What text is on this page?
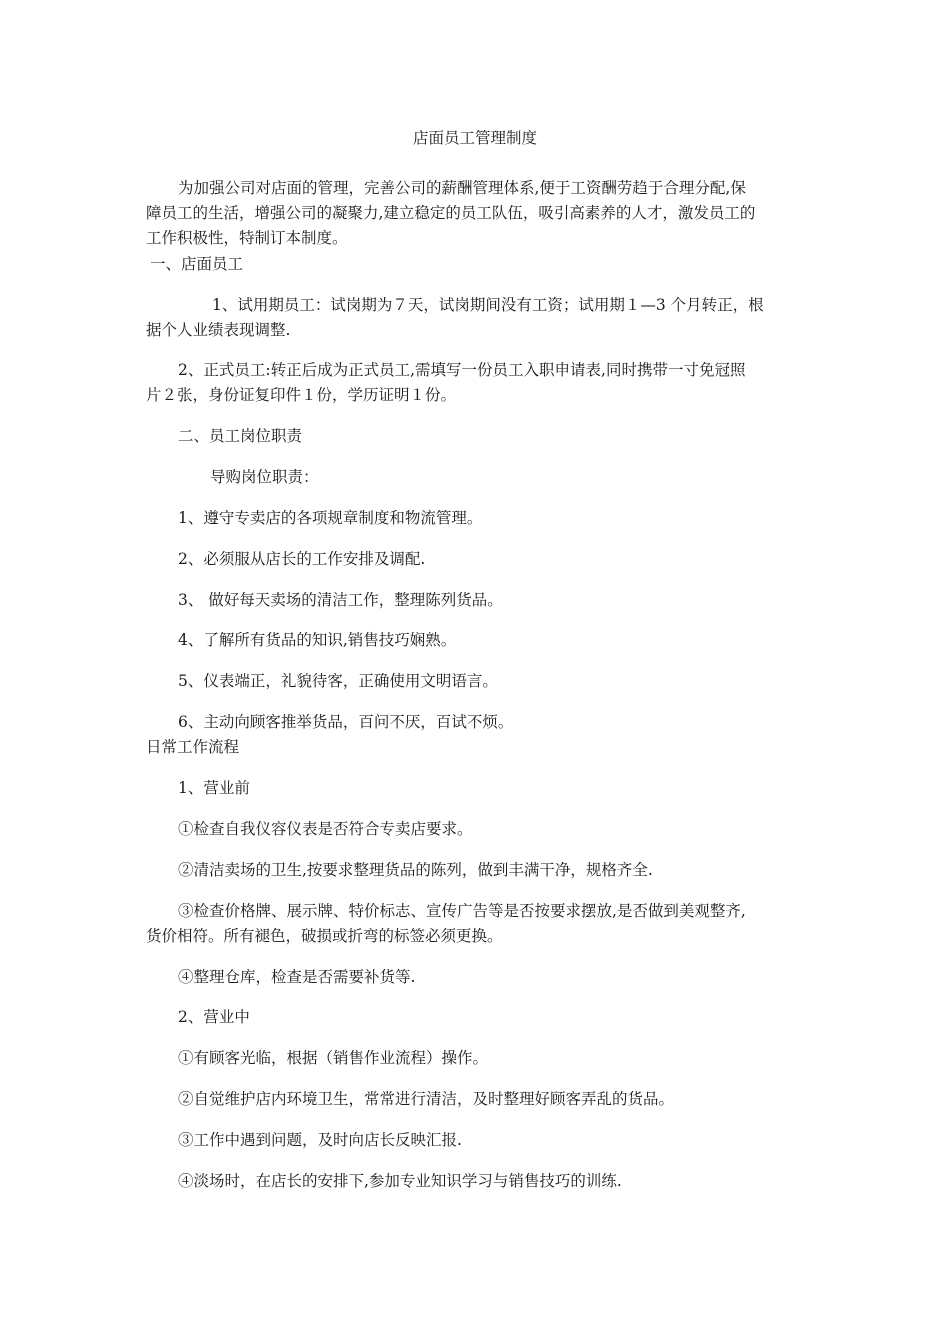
店面员工管理制度
为加强公司对店面的管理，完善公司的薪酬管理体系,便于工资酬劳趋于合理分配,保
障员工的生活，增强公司的凝聚力,建立稳定的员工队伍，吸引高素养的人才，激发员工的
工作积极性，特制订本制度。
一、店面员工
1、试用期员工：试岗期为７天，试岗期间没有工资；试用期１—3 个月转正，根
据个人业绩表现调整.
2、正式员工:转正后成为正式员工,需填写一份员工入职申请表,同时携带一寸免冠照
片２张，身份证复印件１份，学历证明１份。
二、员工岗位职责
导购岗位职责：
1、遵守专卖店的各项规章制度和物流管理。
2、必须服从店长的工作安排及调配.
3、 做好每天卖场的清洁工作，整理陈列货品。
4、了解所有货品的知识,销售技巧娴熟。
5、仪表端正，礼貌待客，正确使用文明语言。
6、主动向顾客推举货品，百问不厌，百试不烦。
日常工作流程
1、营业前
①检查自我仪容仪表是否符合专卖店要求。
②清洁卖场的卫生,按要求整理货品的陈列，做到丰满干净，规格齐全.
③检查价格牌、展示牌、特价标志、宣传广告等是否按要求摆放,是否做到美观整齐,
货价相符。所有褪色，破损或折弯的标签必须更换。
④整理仓库，检查是否需要补货等.
2、营业中
①有顾客光临，根据（销售作业流程）操作。
②自觉维护店内环境卫生，常常进行清洁，及时整理好顾客弄乱的货品。
③工作中遇到问题，及时向店长反映汇报.
④淡场时，在店长的安排下,参加专业知识学习与销售技巧的训练.
